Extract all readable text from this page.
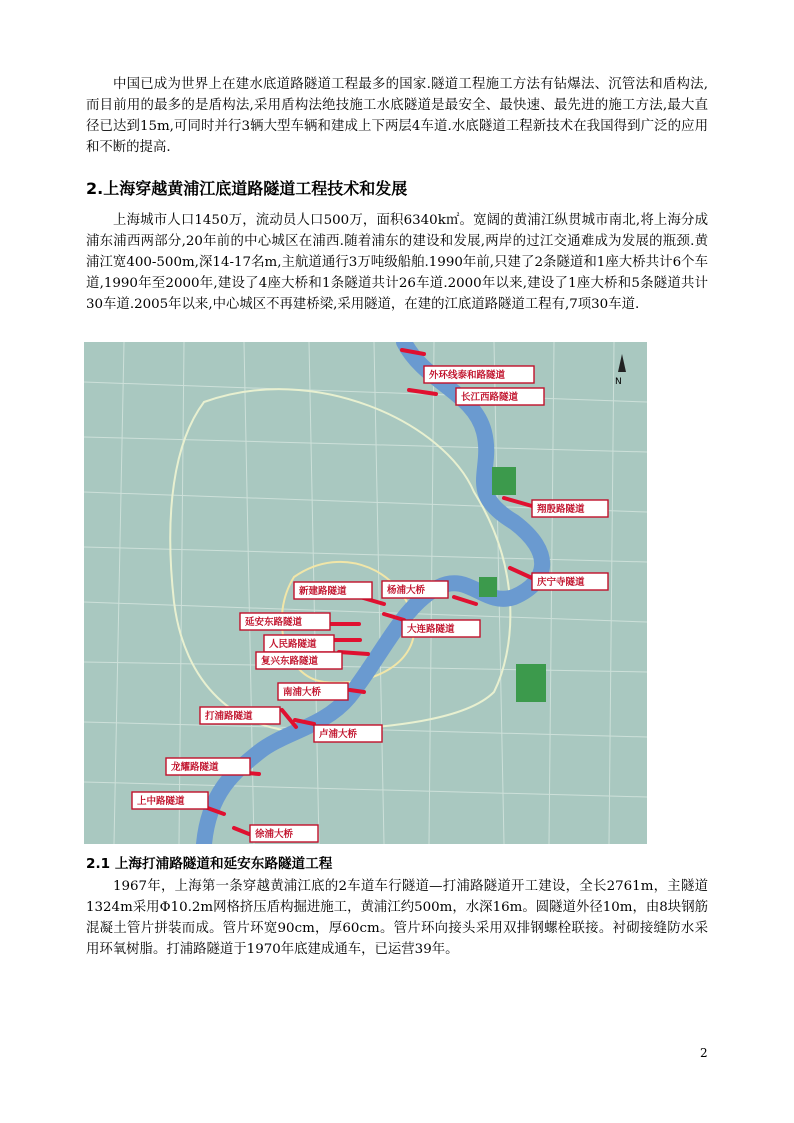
中国已成为世界上在建水底道路隧道工程最多的国家.隧道工程施工方法有钻爆法、沉管法和盾构法,而目前用的最多的是盾构法,采用盾构法绝技施工水底隧道是最安全、最快速、最先进的施工方法,最大直径已达到15m,可同时并行3辆大型车辆和建成上下两层4车道.水底隧道工程新技术在我国得到广泛的应用和不断的提高.

2.上海穿越黄浦江底道路隧道工程技术和发展

上海城市人口1450万，流动员人口500万，面积6340k㎡。宽阔的黄浦江纵贯城市南北,将上海分成浦东浦西两部分,20年前的中心城区在浦西.随着浦东的建设和发展,两岸的过江交通难成为发展的瓶颈.黄浦江宽400-500m,深14-17名m,主航道通行3万吨级船舶.1990年前,只建了2条隧道和1座大桥共计6个车道,1990年至2000年,建设了4座大桥和1条隧道共计26车道.2000年以来,建设了1座大桥和5条隧道共计30车道.2005年以来,中心城区不再建桥梁,采用隧道，在建的江底道路隧道工程有,7项30车道.

N
外环线泰和路隧道
长江西路隧道
翔殷路隧道
庆宁寺隧道
新建路隧道	杨浦大桥
延安东路隧道
大连路隧道
人民路隧道
复兴东路隧道
南浦大桥
打浦路隧道
卢浦大桥
龙耀路隧道
上中路隧道
徐浦大桥
2.1 上海打浦路隧道和延安东路隧道工程

1967年，上海第一条穿越黄浦江底的2车道车行隧道—打浦路隧道开工建设，全长2761m，主隧道1324m采用Φ10.2m网格挤压盾构掘进施工，黄浦江约500m，水深16m。圆隧道外径10m，由8块钢筋混凝土管片拼装而成。管片环宽90cm，厚60cm。管片环向接头采用双排钢螺栓联接。衬砌接缝防水采用环氧树脂。打浦路隧道于1970年底建成通车，已运营39年。

2
